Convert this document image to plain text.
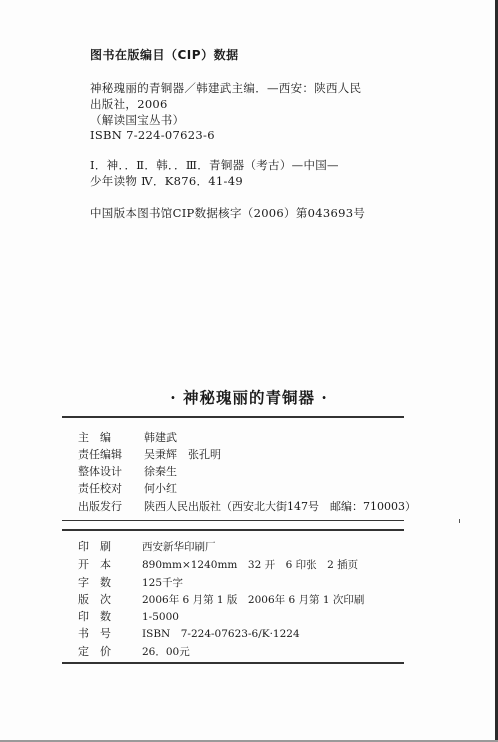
图书在版编目（CIP）数据
神秘瑰丽的青铜器／韩建武主编．—西安：陕西人民
出版社，2006
（解读国宝丛书）
ISBN 7-224-07623-6
Ⅰ．神．．Ⅱ．韩．．Ⅲ．青铜器（考古）—中国—
少年读物 Ⅳ．K876．41-49
中国版本图书馆CIP数据核字（2006）第043693号
· 神秘瑰丽的青铜器 ·
主　编	韩建武
责任编辑 吴秉辉　张孔明
整体设计 徐秦生
责任校对 何小红
出版发行 陕西人民出版社（西安北大街147号　邮编：710003）
印刷 西安新华印刷厂
开本 890mm×1240mm　32 开　6 印张　2 插页
字数 125千字
版次 2006年 6 月第 1 版　2006年 6 月第 1 次印刷
印数 1-5000
书号 ISBN　7-224-07623-6/K·1224
定价 26．00元
